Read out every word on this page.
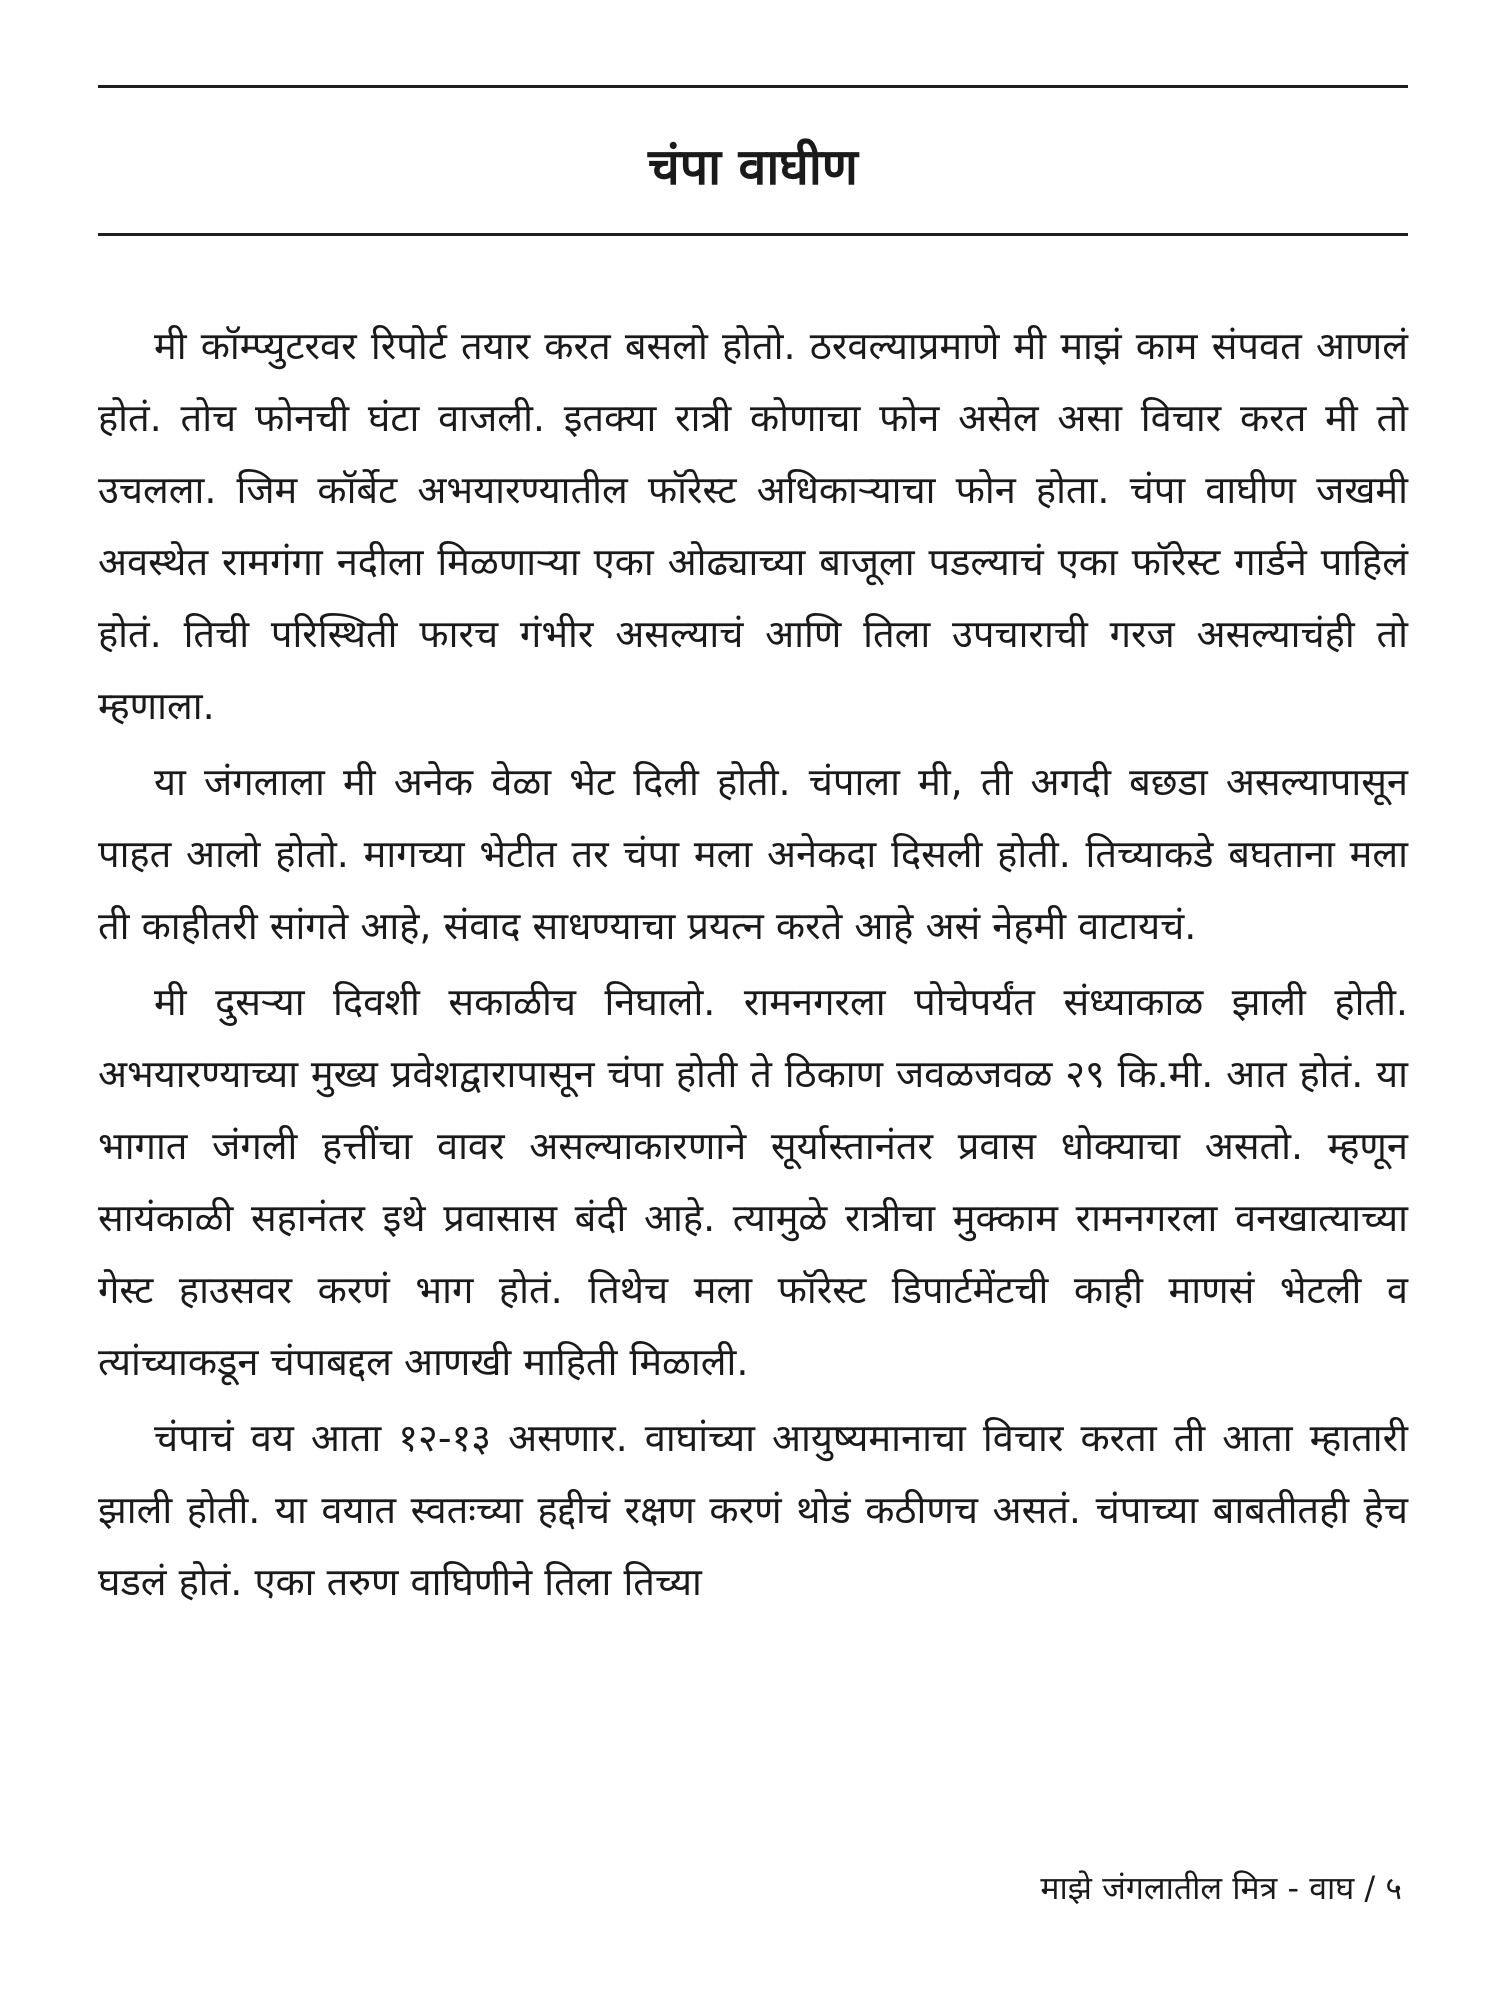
चंपा वाघीण

मी कॉम्प्युटरवर रिपोर्ट तयार करत बसलो होतो. ठरवल्याप्रमाणे मी माझं काम संपवत आणलं होतं. तोच फोनची घंटा वाजली. इतक्या रात्री कोणाचा फोन असेल असा विचार करत मी तो उचलला. जिम कॉर्बेट अभयारण्यातील फॉरेस्ट अधिकाऱ्याचा फोन होता. चंपा वाघीण जखमी अवस्थेत रामगंगा नदीला मिळणाऱ्या एका ओढ्याच्या बाजूला पडल्याचं एका फॉरेस्ट गार्डने पाहिलं होतं. तिची परिस्थिती फारच गंभीर असल्याचं आणि तिला उपचाराची गरज असल्याचंही तो म्हणाला.

या जंगलाला मी अनेक वेळा भेट दिली होती. चंपाला मी, ती अगदी बछडा असल्यापासून पाहत आलो होतो. मागच्या भेटीत तर चंपा मला अनेकदा दिसली होती. तिच्याकडे बघताना मला ती काहीतरी सांगते आहे, संवाद साधण्याचा प्रयत्न करते आहे असं नेहमी वाटायचं.

मी दुसऱ्या दिवशी सकाळीच निघालो. रामनगरला पोचेपर्यंत संध्याकाळ झाली होती. अभयारण्याच्या मुख्य प्रवेशद्वारापासून चंपा होती ते ठिकाण जवळजवळ २९ कि.मी. आत होतं. या भागात जंगली हत्तींचा वावर असल्याकारणाने सूर्यास्तानंतर प्रवास धोक्याचा असतो. म्हणून सायंकाळी सहानंतर इथे प्रवासास बंदी आहे. त्यामुळे रात्रीचा मुक्काम रामनगरला वनखात्याच्या गेस्ट हाउसवर करणं भाग होतं. तिथेच मला फॉरेस्ट डिपार्टमेंटची काही माणसं भेटली व त्यांच्याकडून चंपाबद्दल आणखी माहिती मिळाली.

चंपाचं वय आता १२-१३ असणार. वाघांच्या आयुष्यमानाचा विचार करता ती आता म्हातारी झाली होती. या वयात स्वतःच्या हद्दीचं रक्षण करणं थोडं कठीणच असतं. चंपाच्या बाबतीतही हेच घडलं होतं. एका तरुण वाघिणीने तिला तिच्या

माझे जंगलातील मित्र - वाघ / ५
